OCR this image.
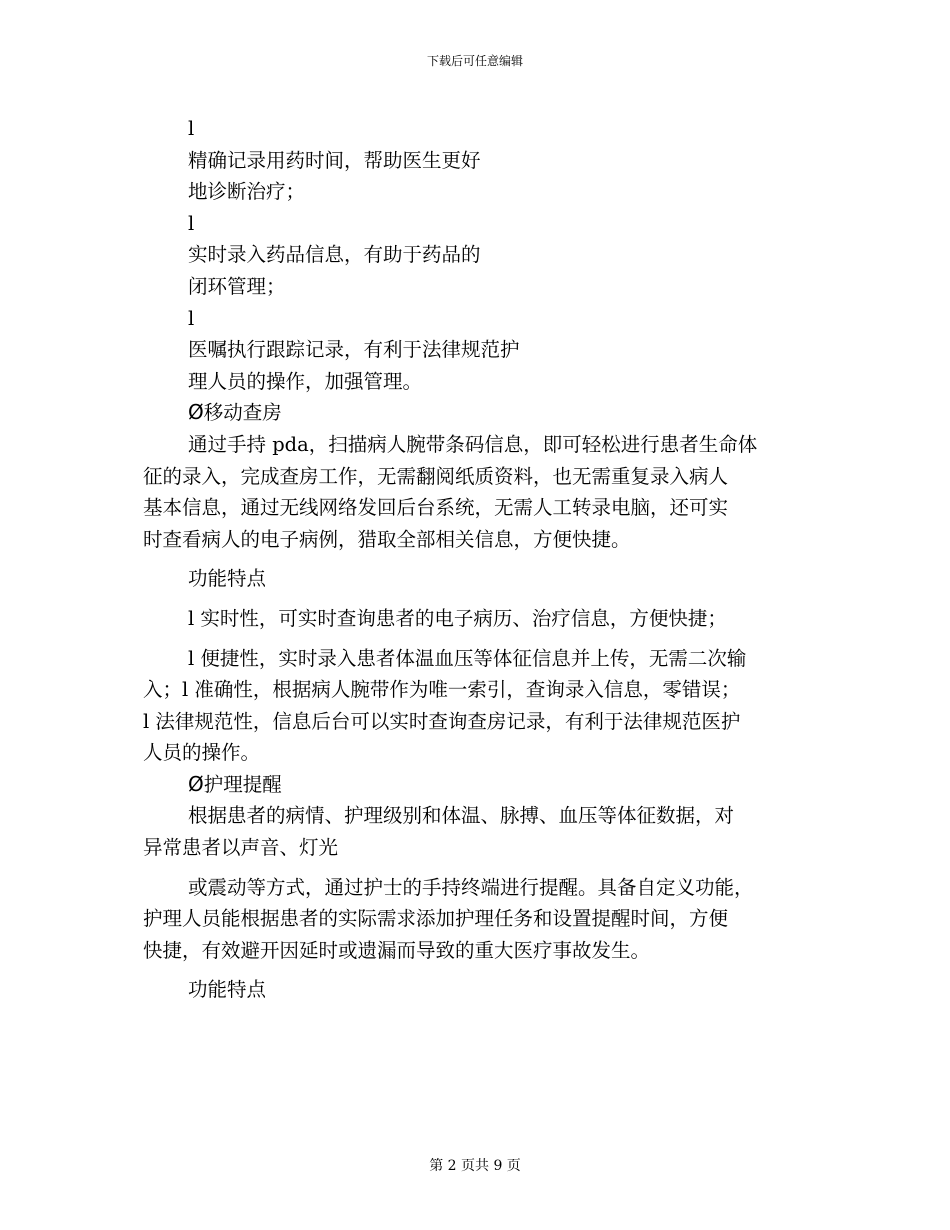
下载后可任意编辑
l
精确记录用药时间，帮助医生更好
地诊断治疗；
l
实时录入药品信息，有助于药品的
闭环管理；
l
医嘱执行跟踪记录，有利于法律规范护
理人员的操作，加强管理。
Ø移动查房
通过手持 pda，扫描病人腕带条码信息，即可轻松进行患者生命体
征的录入，完成查房工作，无需翻阅纸质资料，也无需重复录入病人
基本信息，通过无线网络发回后台系统，无需人工转录电脑，还可实
时查看病人的电子病例，猎取全部相关信息，方便快捷。
功能特点
l 实时性，可实时查询患者的电子病历、治疗信息，方便快捷；
l 便捷性，实时录入患者体温血压等体征信息并上传，无需二次输
入；l 准确性，根据病人腕带作为唯一索引，查询录入信息，零错误；
l 法律规范性，信息后台可以实时查询查房记录，有利于法律规范医护
人员的操作。
Ø护理提醒
根据患者的病情、护理级别和体温、脉搏、血压等体征数据，对
异常患者以声音、灯光
或震动等方式，通过护士的手持终端进行提醒。具备自定义功能，
护理人员能根据患者的实际需求添加护理任务和设置提醒时间，方便
快捷，有效避开因延时或遗漏而导致的重大医疗事故发生。
功能特点
第 2 页共 9 页
